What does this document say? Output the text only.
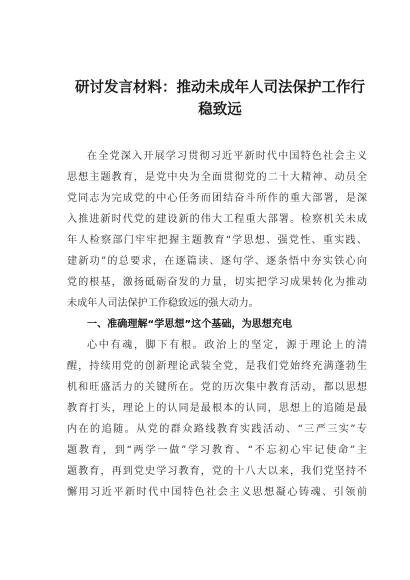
研讨发言材料：推动未成年人司法保护工作行
稳致远
在全党深入开展学习贯彻习近平新时代中国特色社会主义
思想主题教育，是党中央为全面贯彻党的二十大精神、动员全
党同志为完成党的中心任务而团结奋斗所作的重大部署，是深
入推进新时代党的建设新的伟大工程重大部署。检察机关未成
年人检察部门牢牢把握主题教育“学思想、强党性、重实践、
建新功”的总要求，在逐篇读、逐句学、逐条悟中夯实铁心向
党的根基，激扬砥砺奋发的力量，切实把学习成果转化为推动
未成年人司法保护工作稳致远的强大动力。
一、准确理解“学思想”这个基础，为思想充电
心中有魂，脚下有根。政治上的坚定，源于理论上的清
醒，持续用党的创新理论武装全党，是我们党始终充满蓬勃生
机和旺盛活力的关键所在。党的历次集中教育活动，都以思想
教育打头，理论上的认同是最根本的认同，思想上的追随是最
内在的追随。从党的群众路线教育实践活动、“三严三实”专
题教育，到“两学一做”学习教育、“不忘初心牢记使命”主
题教育，再到党史学习教育，党的十八大以来，我们党坚持不
懈用习近平新时代中国特色社会主义思想凝心铸魂、引领前
